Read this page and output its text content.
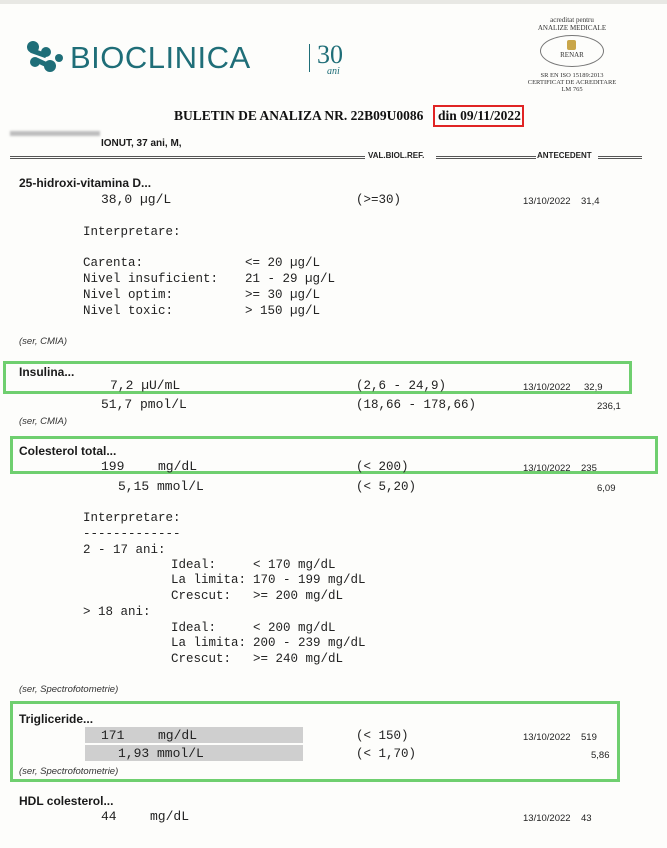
BIOCLINICA	30
ani
acreditat pentru
ANALIZE MEDICALE
RENAR
SR EN ISO 15189:2013
CERTIFICAT DE ACREDITARE
LM 765
BULETIN DE ANALIZA NR. 22B09U0086 din 09/11/2022
IONUT, 37 ani, M,
VAL.BIOL.REF.	ANTECEDENT
25-hidroxi-vitamina D...
38,0 µg/L	(>=30)	13/10/2022 31,4
Interpretare:
Carenta:	<= 20 µg/L
Nivel insuficient: 21 - 29 µg/L
Nivel optim:	>= 30 µg/L
Nivel toxic:	> 150 µg/L
(ser, CMIA)
Insulina...
7,2 µU/mL	(2,6 - 24,9)	13/10/2022 32,9
51,7 pmol/L	(18,66 - 178,66)	236,1
(ser, CMIA)
Colesterol total...
199	mg/dL	(< 200)	13/10/2022 235
5,15 mmol/L	(< 5,20)	6,09
Interpretare:
-------------
2 - 17 ani:
Ideal:	< 170 mg/dL
La limita: 170 - 199 mg/dL
Crescut: >= 200 mg/dL
> 18 ani:
Ideal:	< 200 mg/dL
La limita: 200 - 239 mg/dL
Crescut: >= 240 mg/dL
(ser, Spectrofotometrie)
Trigliceride...
171	mg/dL	(< 150)	13/10/2022 519
1,93 mmol/L	(< 1,70)	5,86
(ser, Spectrofotometrie)
HDL colesterol...
44	mg/dL	13/10/2022 43
